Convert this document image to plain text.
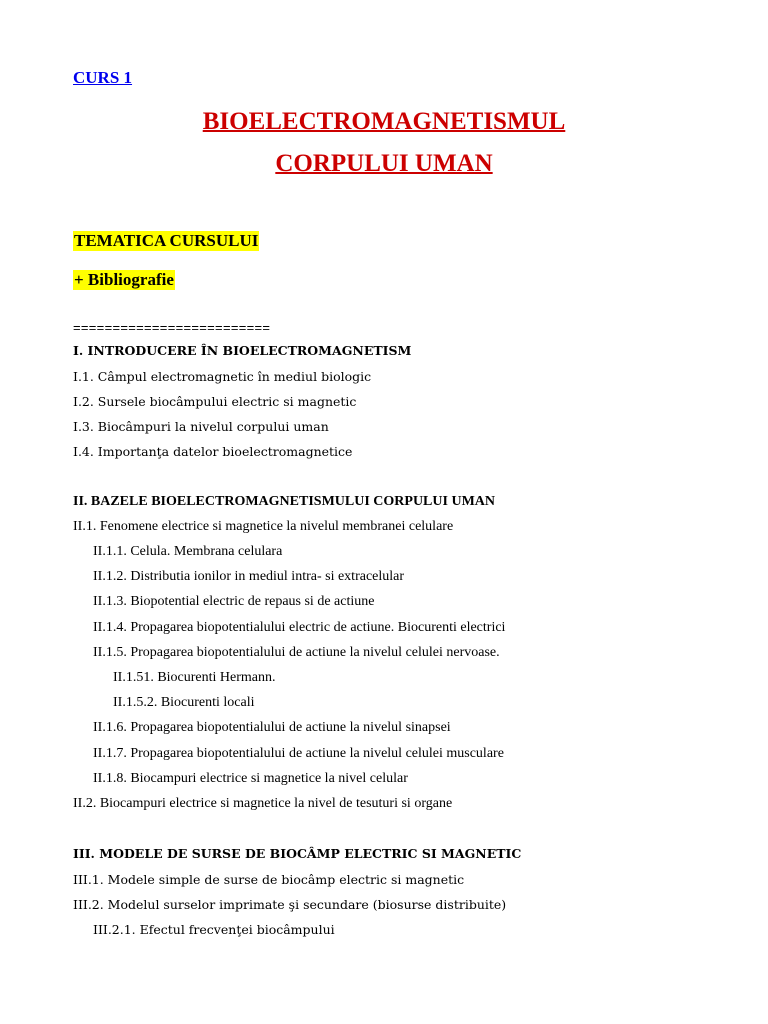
CURS 1
BIOELECTROMAGNETISMUL
CORPULUI UMAN
TEMATICA CURSULUI
+ Bibliografie
=========================
I. INTRODUCERE ÎN BIOELECTROMAGNETISM
I.1. Câmpul electromagnetic în mediul biologic
I.2. Sursele biocâmpului electric si magnetic
I.3. Biocâmpuri la nivelul corpului uman
I.4. Importanţa datelor bioelectromagnetice
II. BAZELE BIOELECTROMAGNETISMULUI CORPULUI UMAN
II.1. Fenomene electrice si magnetice la nivelul membranei celulare
II.1.1. Celula. Membrana celulara
II.1.2. Distributia ionilor in mediul intra- si extracelular
II.1.3. Biopotential electric de repaus si de actiune
II.1.4. Propagarea biopotentialului electric de actiune. Biocurenti electrici
II.1.5. Propagarea biopotentialului de actiune la nivelul celulei nervoase.
II.1.51. Biocurenti Hermann.
II.1.5.2. Biocurenti locali
II.1.6. Propagarea biopotentialului de actiune la nivelul sinapsei
II.1.7. Propagarea biopotentialului de actiune la nivelul celulei musculare
II.1.8. Biocampuri electrice si magnetice la nivel celular
II.2. Biocampuri electrice si magnetice la nivel de tesuturi si organe
III. MODELE DE SURSE DE BIOCÂMP ELECTRIC SI MAGNETIC
III.1. Modele simple de surse de biocâmp electric si magnetic
III.2. Modelul surselor imprimate şi secundare (biosurse distribuite)
III.2.1. Efectul frecvenţei biocâmpului
